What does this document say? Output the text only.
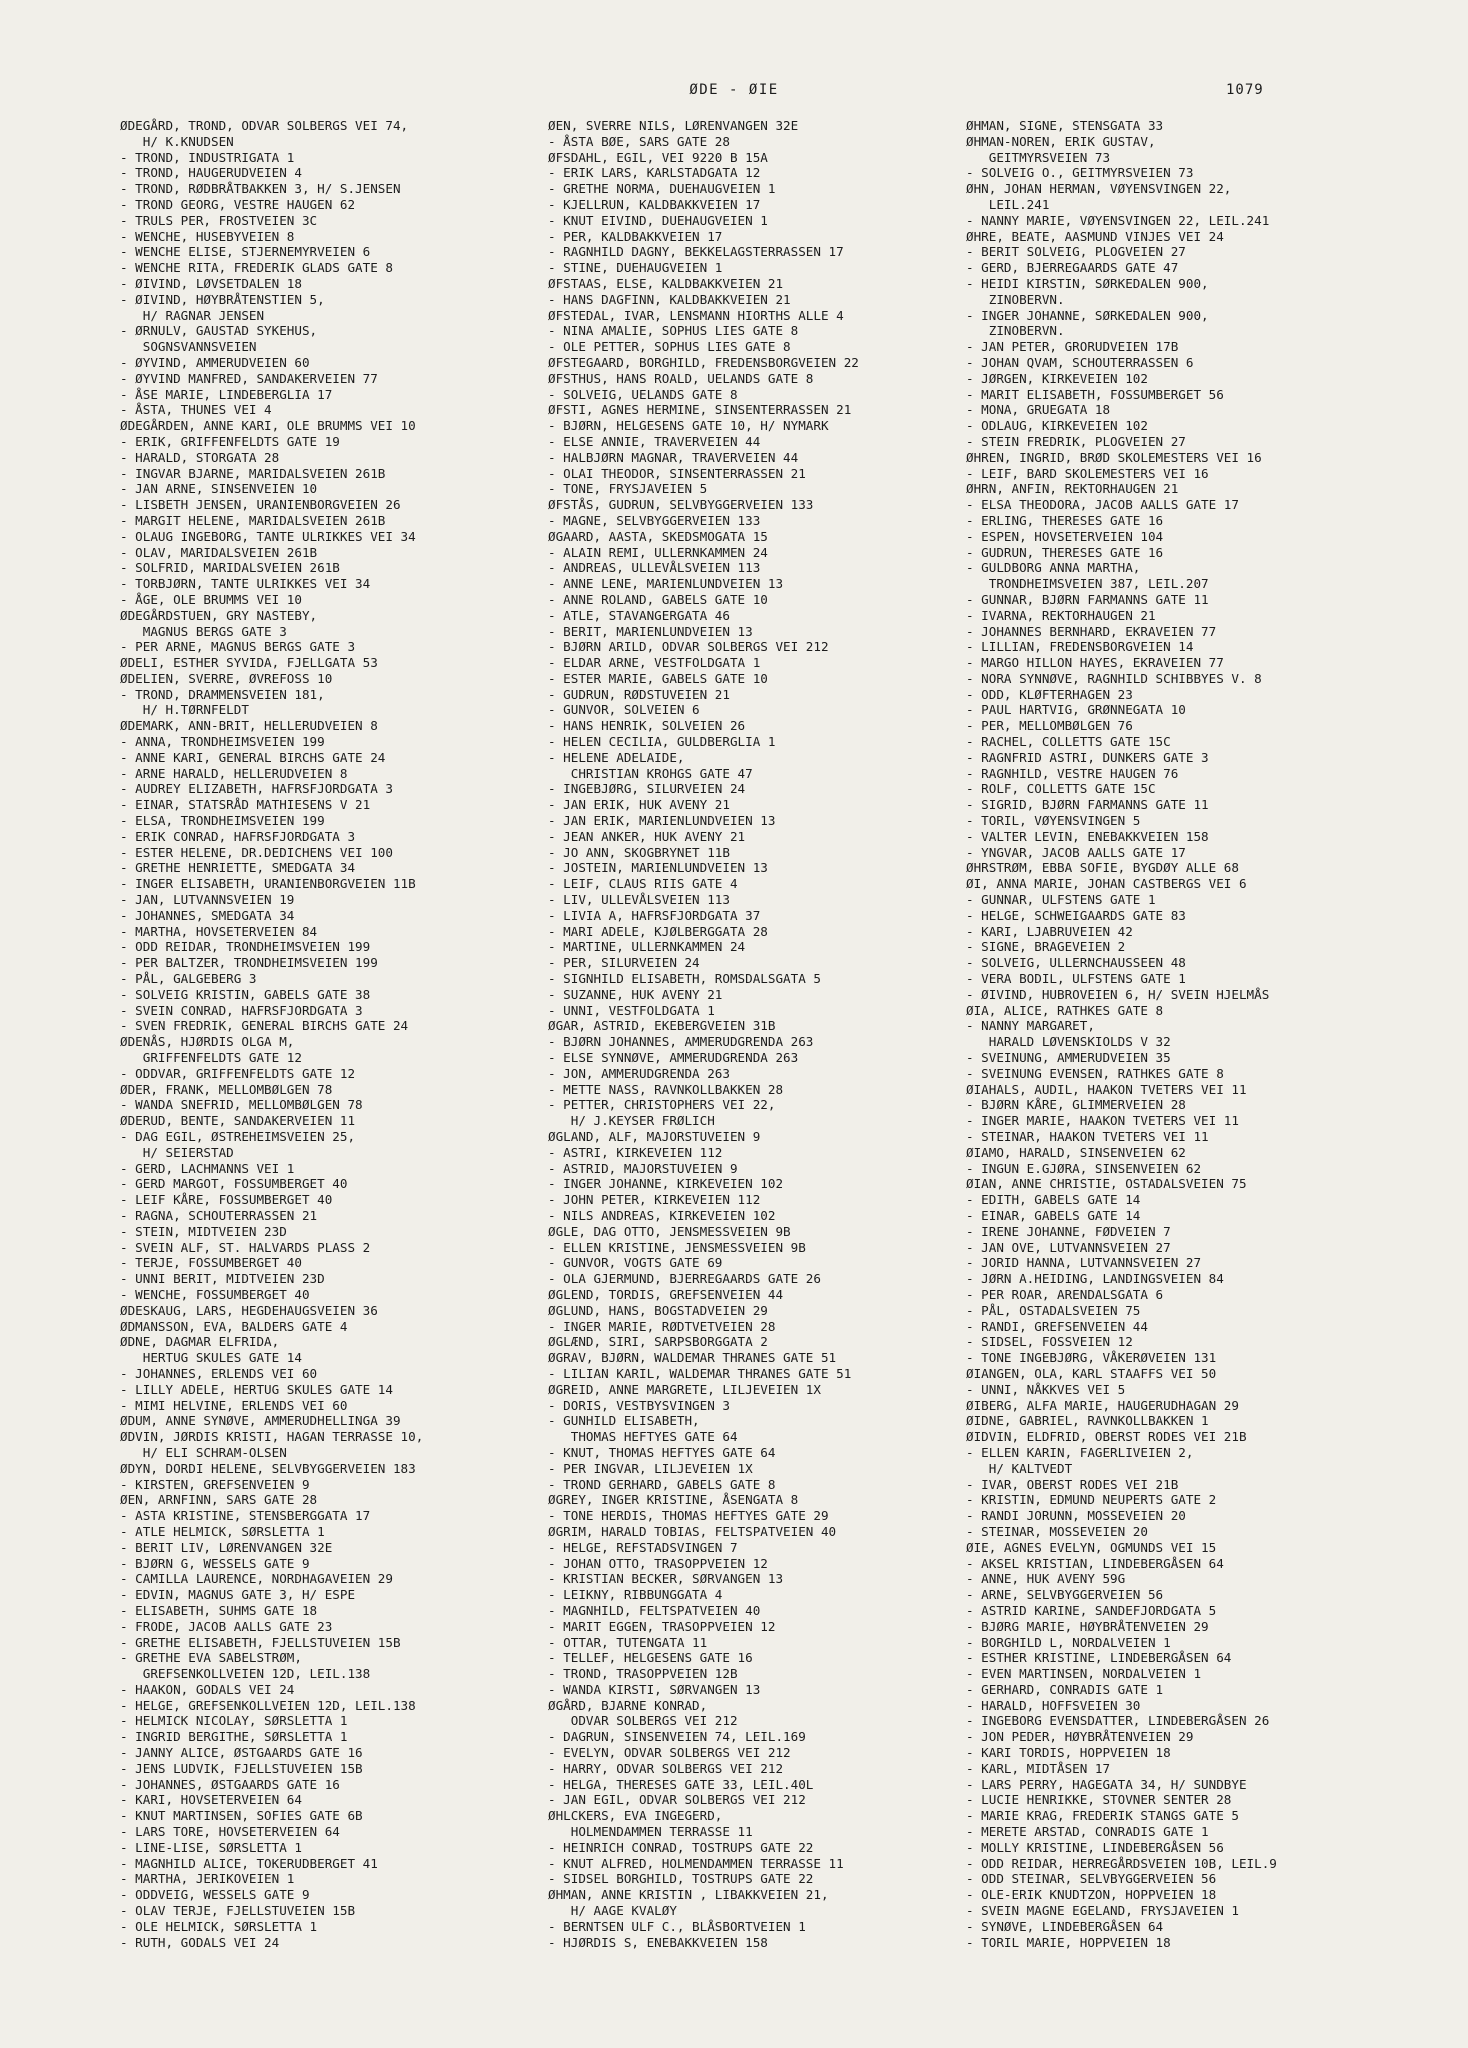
ØDE - ØIE	1079
ØDEGÅRD, TROND, ODVAR SOLBERGS VEI 74,
H/ K.KNUDSEN
- TROND, INDUSTRIGATA 1
- TROND, HAUGERUDVEIEN 4
- TROND, RØDBRÅTBAKKEN 3, H/ S.JENSEN
- TROND GEORG, VESTRE HAUGEN 62
- TRULS PER, FROSTVEIEN 3C
- WENCHE, HUSEBYVEIEN 8
- WENCHE ELISE, STJERNEMYRVEIEN 6
- WENCHE RITA, FREDERIK GLADS GATE 8
- ØIVIND, LØVSETDALEN 18
- ØIVIND, HØYBRÅTENSTIEN 5,
H/ RAGNAR JENSEN
- ØRNULV, GAUSTAD SYKEHUS,
SOGNSVANNSVEIEN
- ØYVIND, AMMERUDVEIEN 60
- ØYVIND MANFRED, SANDAKERVEIEN 77
- ÅSE MARIE, LINDEBERGLIA 17
- ÅSTA, THUNES VEI 4
ØDEGÅRDEN, ANNE KARI, OLE BRUMMS VEI 10
- ERIK, GRIFFENFELDTS GATE 19
- HARALD, STORGATA 28
- INGVAR BJARNE, MARIDALSVEIEN 261B
- JAN ARNE, SINSENVEIEN 10
- LISBETH JENSEN, URANIENBORGVEIEN 26
- MARGIT HELENE, MARIDALSVEIEN 261B
- OLAUG INGEBORG, TANTE ULRIKKES VEI 34
- OLAV, MARIDALSVEIEN 261B
- SOLFRID, MARIDALSVEIEN 261B
- TORBJØRN, TANTE ULRIKKES VEI 34
- ÅGE, OLE BRUMMS VEI 10
ØDEGÅRDSTUEN, GRY NASTEBY,
MAGNUS BERGS GATE 3
- PER ARNE, MAGNUS BERGS GATE 3
ØDELI, ESTHER SYVIDA, FJELLGATA 53
ØDELIEN, SVERRE, ØVREFOSS 10
- TROND, DRAMMENSVEIEN 181,
H/ H.TØRNFELDT
ØDEMARK, ANN-BRIT, HELLERUDVEIEN 8
- ANNA, TRONDHEIMSVEIEN 199
- ANNE KARI, GENERAL BIRCHS GATE 24
- ARNE HARALD, HELLERUDVEIEN 8
- AUDREY ELIZABETH, HAFRSFJORDGATA 3
- EINAR, STATSRÅD MATHIESENS V 21
- ELSA, TRONDHEIMSVEIEN 199
- ERIK CONRAD, HAFRSFJORDGATA 3
- ESTER HELENE, DR.DEDICHENS VEI 100
- GRETHE HENRIETTE, SMEDGATA 34
- INGER ELISABETH, URANIENBORGVEIEN 11B
- JAN, LUTVANNSVEIEN 19
- JOHANNES, SMEDGATA 34
- MARTHA, HOVSETERVEIEN 84
- ODD REIDAR, TRONDHEIMSVEIEN 199
- PER BALTZER, TRONDHEIMSVEIEN 199
- PÅL, GALGEBERG 3
- SOLVEIG KRISTIN, GABELS GATE 38
- SVEIN CONRAD, HAFRSFJORDGATA 3
- SVEN FREDRIK, GENERAL BIRCHS GATE 24
ØDENÅS, HJØRDIS OLGA M,
GRIFFENFELDTS GATE 12
- ODDVAR, GRIFFENFELDTS GATE 12
ØDER, FRANK, MELLOMBØLGEN 78
- WANDA SNEFRID, MELLOMBØLGEN 78
ØDERUD, BENTE, SANDAKERVEIEN 11
- DAG EGIL, ØSTREHEIMSVEIEN 25,
H/ SEIERSTAD
- GERD, LACHMANNS VEI 1
- GERD MARGOT, FOSSUMBERGET 40
- LEIF KÅRE, FOSSUMBERGET 40
- RAGNA, SCHOUTERRASSEN 21
- STEIN, MIDTVEIEN 23D
- SVEIN ALF, ST. HALVARDS PLASS 2
- TERJE, FOSSUMBERGET 40
- UNNI BERIT, MIDTVEIEN 23D
- WENCHE, FOSSUMBERGET 40
ØDESKAUG, LARS, HEGDEHAUGSVEIEN 36
ØDMANSSON, EVA, BALDERS GATE 4
ØDNE, DAGMAR ELFRIDA,
HERTUG SKULES GATE 14
- JOHANNES, ERLENDS VEI 60
- LILLY ADELE, HERTUG SKULES GATE 14
- MIMI HELVINE, ERLENDS VEI 60
ØDUM, ANNE SYNØVE, AMMERUDHELLINGA 39
ØDVIN, JØRDIS KRISTI, HAGAN TERRASSE 10,
H/ ELI SCHRAM-OLSEN
ØDYN, DORDI HELENE, SELVBYGGERVEIEN 183
- KIRSTEN, GREFSENVEIEN 9
ØEN, ARNFINN, SARS GATE 28
- ASTA KRISTINE, STENSBERGGATA 17
- ATLE HELMICK, SØRSLETTA 1
- BERIT LIV, LØRENVANGEN 32E
- BJØRN G, WESSELS GATE 9
- CAMILLA LAURENCE, NORDHAGAVEIEN 29
- EDVIN, MAGNUS GATE 3, H/ ESPE
- ELISABETH, SUHMS GATE 18
- FRODE, JACOB AALLS GATE 23
- GRETHE ELISABETH, FJELLSTUVEIEN 15B
- GRETHE EVA SABELSTRØM,
GREFSENKOLLVEIEN 12D, LEIL.138
- HAAKON, GODALS VEI 24
- HELGE, GREFSENKOLLVEIEN 12D, LEIL.138
- HELMICK NICOLAY, SØRSLETTA 1
- INGRID BERGITHE, SØRSLETTA 1
- JANNY ALICE, ØSTGAARDS GATE 16
- JENS LUDVIK, FJELLSTUVEIEN 15B
- JOHANNES, ØSTGAARDS GATE 16
- KARI, HOVSETERVEIEN 64
- KNUT MARTINSEN, SOFIES GATE 6B
- LARS TORE, HOVSETERVEIEN 64
- LINE-LISE, SØRSLETTA 1
- MAGNHILD ALICE, TOKERUDBERGET 41
- MARTHA, JERIKOVEIEN 1
- ODDVEIG, WESSELS GATE 9
- OLAV TERJE, FJELLSTUVEIEN 15B
- OLE HELMICK, SØRSLETTA 1
- RUTH, GODALS VEI 24
ØEN, SVERRE NILS, LØRENVANGEN 32E
- ÅSTA BØE, SARS GATE 28
ØFSDAHL, EGIL, VEI 9220 B 15A
- ERIK LARS, KARLSTADGATA 12
- GRETHE NORMA, DUEHAUGVEIEN 1
- KJELLRUN, KALDBAKKVEIEN 17
- KNUT EIVIND, DUEHAUGVEIEN 1
- PER, KALDBAKKVEIEN 17
- RAGNHILD DAGNY, BEKKELAGSTERRASSEN 17
- STINE, DUEHAUGVEIEN 1
ØFSTAAS, ELSE, KALDBAKKVEIEN 21
- HANS DAGFINN, KALDBAKKVEIEN 21
ØFSTEDAL, IVAR, LENSMANN HIORTHS ALLE 4
- NINA AMALIE, SOPHUS LIES GATE 8
- OLE PETTER, SOPHUS LIES GATE 8
ØFSTEGAARD, BORGHILD, FREDENSBORGVEIEN 22
ØFSTHUS, HANS ROALD, UELANDS GATE 8
- SOLVEIG, UELANDS GATE 8
ØFSTI, AGNES HERMINE, SINSENTERRASSEN 21
- BJØRN, HELGESENS GATE 10, H/ NYMARK
- ELSE ANNIE, TRAVERVEIEN 44
- HALBJØRN MAGNAR, TRAVERVEIEN 44
- OLAI THEODOR, SINSENTERRASSEN 21
- TONE, FRYSJAVEIEN 5
ØFSTÅS, GUDRUN, SELVBYGGERVEIEN 133
- MAGNE, SELVBYGGERVEIEN 133
ØGAARD, AASTA, SKEDSMOGATA 15
- ALAIN REMI, ULLERNKAMMEN 24
- ANDREAS, ULLEVÅLSVEIEN 113
- ANNE LENE, MARIENLUNDVEIEN 13
- ANNE ROLAND, GABELS GATE 10
- ATLE, STAVANGERGATA 46
- BERIT, MARIENLUNDVEIEN 13
- BJØRN ARILD, ODVAR SOLBERGS VEI 212
- ELDAR ARNE, VESTFOLDGATA 1
- ESTER MARIE, GABELS GATE 10
- GUDRUN, RØDSTUVEIEN 21
- GUNVOR, SOLVEIEN 6
- HANS HENRIK, SOLVEIEN 26
- HELEN CECILIA, GULDBERGLIA 1
- HELENE ADELAIDE,
CHRISTIAN KROHGS GATE 47
- INGEBJØRG, SILURVEIEN 24
- JAN ERIK, HUK AVENY 21
- JAN ERIK, MARIENLUNDVEIEN 13
- JEAN ANKER, HUK AVENY 21
- JO ANN, SKOGBRYNET 11B
- JOSTEIN, MARIENLUNDVEIEN 13
- LEIF, CLAUS RIIS GATE 4
- LIV, ULLEVÅLSVEIEN 113
- LIVIA A, HAFRSFJORDGATA 37
- MARI ADELE, KJØLBERGGATA 28
- MARTINE, ULLERNKAMMEN 24
- PER, SILURVEIEN 24
- SIGNHILD ELISABETH, ROMSDALSGATA 5
- SUZANNE, HUK AVENY 21
- UNNI, VESTFOLDGATA 1
ØGAR, ASTRID, EKEBERGVEIEN 31B
- BJØRN JOHANNES, AMMERUDGRENDA 263
- ELSE SYNNØVE, AMMERUDGRENDA 263
- JON, AMMERUDGRENDA 263
- METTE NASS, RAVNKOLLBAKKEN 28
- PETTER, CHRISTOPHERS VEI 22,
H/ J.KEYSER FRØLICH
ØGLAND, ALF, MAJORSTUVEIEN 9
- ASTRI, KIRKEVEIEN 112
- ASTRID, MAJORSTUVEIEN 9
- INGER JOHANNE, KIRKEVEIEN 102
- JOHN PETER, KIRKEVEIEN 112
- NILS ANDREAS, KIRKEVEIEN 102
ØGLE, DAG OTTO, JENSMESSVEIEN 9B
- ELLEN KRISTINE, JENSMESSVEIEN 9B
- GUNVOR, VOGTS GATE 69
- OLA GJERMUND, BJERREGAARDS GATE 26
ØGLEND, TORDIS, GREFSENVEIEN 44
ØGLUND, HANS, BOGSTADVEIEN 29
- INGER MARIE, RØDTVETVEIEN 28
ØGLÆND, SIRI, SARPSBORGGATA 2
ØGRAV, BJØRN, WALDEMAR THRANES GATE 51
- LILIAN KARIL, WALDEMAR THRANES GATE 51
ØGREID, ANNE MARGRETE, LILJEVEIEN 1X
- DORIS, VESTBYSVINGEN 3
- GUNHILD ELISABETH,
THOMAS HEFTYES GATE 64
- KNUT, THOMAS HEFTYES GATE 64
- PER INGVAR, LILJEVEIEN 1X
- TROND GERHARD, GABELS GATE 8
ØGREY, INGER KRISTINE, ÅSENGATA 8
- TONE HERDIS, THOMAS HEFTYES GATE 29
ØGRIM, HARALD TOBIAS, FELTSPATVEIEN 40
- HELGE, REFSTADSVINGEN 7
- JOHAN OTTO, TRASOPPVEIEN 12
- KRISTIAN BECKER, SØRVANGEN 13
- LEIKNY, RIBBUNGGATA 4
- MAGNHILD, FELTSPATVEIEN 40
- MARIT EGGEN, TRASOPPVEIEN 12
- OTTAR, TUTENGATA 11
- TELLEF, HELGESENS GATE 16
- TROND, TRASOPPVEIEN 12B
- WANDA KIRSTI, SØRVANGEN 13
ØGÅRD, BJARNE KONRAD,
ODVAR SOLBERGS VEI 212
- DAGRUN, SINSENVEIEN 74, LEIL.169
- EVELYN, ODVAR SOLBERGS VEI 212
- HARRY, ODVAR SOLBERGS VEI 212
- HELGA, THERESES GATE 33, LEIL.40L
- JAN EGIL, ODVAR SOLBERGS VEI 212
ØHLCKERS, EVA INGEGERD,
HOLMENDAMMEN TERRASSE 11
- HEINRICH CONRAD, TOSTRUPS GATE 22
- KNUT ALFRED, HOLMENDAMMEN TERRASSE 11
- SIDSEL BORGHILD, TOSTRUPS GATE 22
ØHMAN, ANNE KRISTIN , LIBAKKVEIEN 21,
H/ AAGE KVALØY
- BERNTSEN ULF C., BLÅSBORTVEIEN 1
- HJØRDIS S, ENEBAKKVEIEN 158
ØHMAN, SIGNE, STENSGATA 33
ØHMAN-NOREN, ERIK GUSTAV,
GEITMYRSVEIEN 73
- SOLVEIG O., GEITMYRSVEIEN 73
ØHN, JOHAN HERMAN, VØYENSVINGEN 22,
LEIL.241
- NANNY MARIE, VØYENSVINGEN 22, LEIL.241
ØHRE, BEATE, AASMUND VINJES VEI 24
- BERIT SOLVEIG, PLOGVEIEN 27
- GERD, BJERREGAARDS GATE 47
- HEIDI KIRSTIN, SØRKEDALEN 900,
ZINOBERVN.
- INGER JOHANNE, SØRKEDALEN 900,
ZINOBERVN.
- JAN PETER, GRORUDVEIEN 17B
- JOHAN QVAM, SCHOUTERRASSEN 6
- JØRGEN, KIRKEVEIEN 102
- MARIT ELISABETH, FOSSUMBERGET 56
- MONA, GRUEGATA 18
- ODLAUG, KIRKEVEIEN 102
- STEIN FREDRIK, PLOGVEIEN 27
ØHREN, INGRID, BRØD SKOLEMESTERS VEI 16
- LEIF, BARD SKOLEMESTERS VEI 16
ØHRN, ANFIN, REKTORHAUGEN 21
- ELSA THEODORA, JACOB AALLS GATE 17
- ERLING, THERESES GATE 16
- ESPEN, HOVSETERVEIEN 104
- GUDRUN, THERESES GATE 16
- GULDBORG ANNA MARTHA,
TRONDHEIMSVEIEN 387, LEIL.207
- GUNNAR, BJØRN FARMANNS GATE 11
- IVARNA, REKTORHAUGEN 21
- JOHANNES BERNHARD, EKRAVEIEN 77
- LILLIAN, FREDENSBORGVEIEN 14
- MARGO HILLON HAYES, EKRAVEIEN 77
- NORA SYNNØVE, RAGNHILD SCHIBBYES V. 8
- ODD, KLØFTERHAGEN 23
- PAUL HARTVIG, GRØNNEGATA 10
- PER, MELLOMBØLGEN 76
- RACHEL, COLLETTS GATE 15C
- RAGNFRID ASTRI, DUNKERS GATE 3
- RAGNHILD, VESTRE HAUGEN 76
- ROLF, COLLETTS GATE 15C
- SIGRID, BJØRN FARMANNS GATE 11
- TORIL, VØYENSVINGEN 5
- VALTER LEVIN, ENEBAKKVEIEN 158
- YNGVAR, JACOB AALLS GATE 17
ØHRSTRØM, EBBA SOFIE, BYGDØY ALLE 68
ØI, ANNA MARIE, JOHAN CASTBERGS VEI 6
- GUNNAR, ULFSTENS GATE 1
- HELGE, SCHWEIGAARDS GATE 83
- KARI, LJABRUVEIEN 42
- SIGNE, BRAGEVEIEN 2
- SOLVEIG, ULLERNCHAUSSEEN 48
- VERA BODIL, ULFSTENS GATE 1
- ØIVIND, HUBROVEIEN 6, H/ SVEIN HJELMÅS
ØIA, ALICE, RATHKES GATE 8
- NANNY MARGARET,
HARALD LØVENSKIOLDS V 32
- SVEINUNG, AMMERUDVEIEN 35
- SVEINUNG EVENSEN, RATHKES GATE 8
ØIAHALS, AUDIL, HAAKON TVETERS VEI 11
- BJØRN KÅRE, GLIMMERVEIEN 28
- INGER MARIE, HAAKON TVETERS VEI 11
- STEINAR, HAAKON TVETERS VEI 11
ØIAMO, HARALD, SINSENVEIEN 62
- INGUN E.GJØRA, SINSENVEIEN 62
ØIAN, ANNE CHRISTIE, OSTADALSVEIEN 75
- EDITH, GABELS GATE 14
- EINAR, GABELS GATE 14
- IRENE JOHANNE, FØDVEIEN 7
- JAN OVE, LUTVANNSVEIEN 27
- JORID HANNA, LUTVANNSVEIEN 27
- JØRN A.HEIDING, LANDINGSVEIEN 84
- PER ROAR, ARENDALSGATA 6
- PÅL, OSTADALSVEIEN 75
- RANDI, GREFSENVEIEN 44
- SIDSEL, FOSSVEIEN 12
- TONE INGEBJØRG, VÅKERØVEIEN 131
ØIANGEN, OLA, KARL STAAFFS VEI 50
- UNNI, NÅKKVES VEI 5
ØIBERG, ALFA MARIE, HAUGERUDHAGAN 29
ØIDNE, GABRIEL, RAVNKOLLBAKKEN 1
ØIDVIN, ELDFRID, OBERST RODES VEI 21B
- ELLEN KARIN, FAGERLIVEIEN 2,
H/ KALTVEDT
- IVAR, OBERST RODES VEI 21B
- KRISTIN, EDMUND NEUPERTS GATE 2
- RANDI JORUNN, MOSSEVEIEN 20
- STEINAR, MOSSEVEIEN 20
ØIE, AGNES EVELYN, OGMUNDS VEI 15
- AKSEL KRISTIAN, LINDEBERGÅSEN 64
- ANNE, HUK AVENY 59G
- ARNE, SELVBYGGERVEIEN 56
- ASTRID KARINE, SANDEFJORDGATA 5
- BJØRG MARIE, HØYBRÅTENVEIEN 29
- BORGHILD L, NORDALVEIEN 1
- ESTHER KRISTINE, LINDEBERGÅSEN 64
- EVEN MARTINSEN, NORDALVEIEN 1
- GERHARD, CONRADIS GATE 1
- HARALD, HOFFSVEIEN 30
- INGEBORG EVENSDATTER, LINDEBERGÅSEN 26
- JON PEDER, HØYBRÅTENVEIEN 29
- KARI TORDIS, HOPPVEIEN 18
- KARL, MIDTÅSEN 17
- LARS PERRY, HAGEGATA 34, H/ SUNDBYE
- LUCIE HENRIKKE, STOVNER SENTER 28
- MARIE KRAG, FREDERIK STANGS GATE 5
- MERETE ARSTAD, CONRADIS GATE 1
- MOLLY KRISTINE, LINDEBERGÅSEN 56
- ODD REIDAR, HERREGÅRDSVEIEN 10B, LEIL.9
- ODD STEINAR, SELVBYGGERVEIEN 56
- OLE-ERIK KNUDTZON, HOPPVEIEN 18
- SVEIN MAGNE EGELAND, FRYSJAVEIEN 1
- SYNØVE, LINDEBERGÅSEN 64
- TORIL MARIE, HOPPVEIEN 18
